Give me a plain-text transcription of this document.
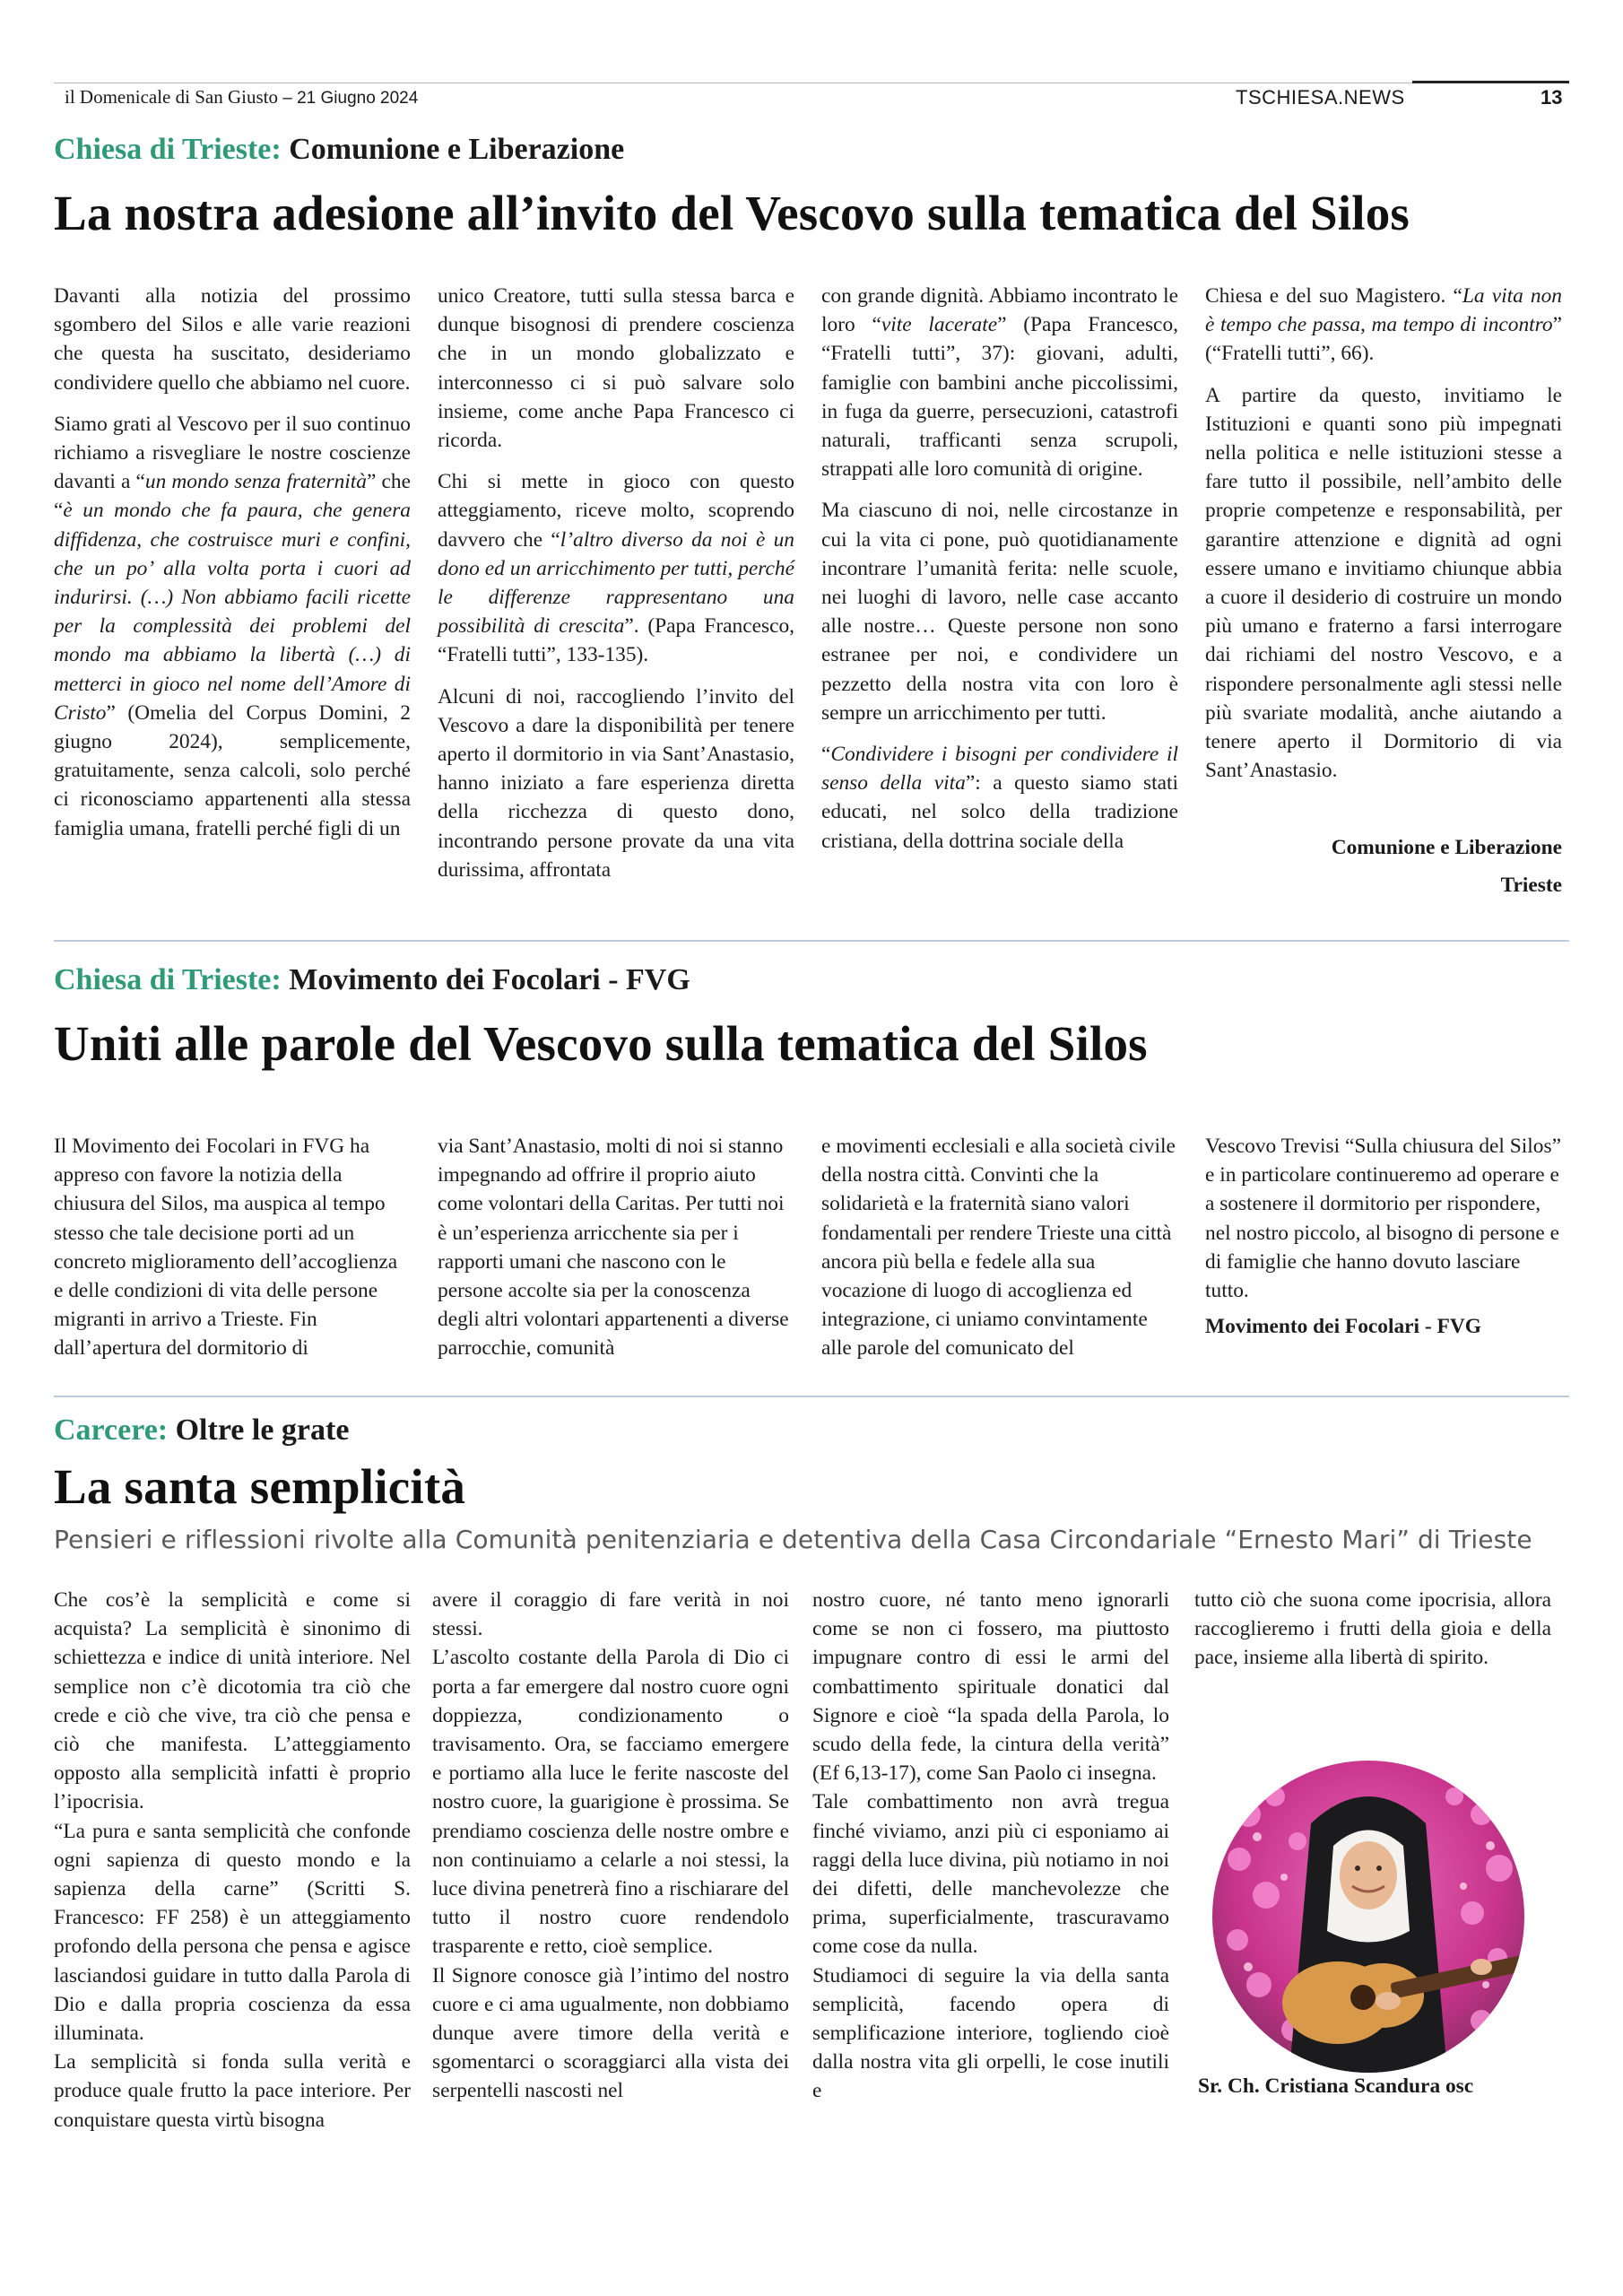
il Domenicale di San Giusto – 21 Giugno 2024	TSCHIESA.NEWS	13
Chiesa di Trieste: Comunione e Liberazione
La nostra adesione all’invito del Vescovo sulla tematica del Silos

Davanti alla notizia del prossimo sgombero del Silos e alle varie reazioni che questa ha suscitato, desideriamo condividere quello che abbiamo nel cuore.

Siamo grati al Vescovo per il suo continuo richiamo a risvegliare le nostre coscienze davanti a “un mondo senza fraternità” che “è un mondo che fa paura, che genera diffidenza, che costruisce muri e confini, che un po’ alla volta porta i cuori ad indurirsi. (…) Non abbiamo facili ricette per la complessità dei problemi del mondo ma abbiamo la libertà (…) di metterci in gioco nel nome dell’Amore di Cristo” (Omelia del Corpus Domini, 2 giugno 2024), semplicemente, gratuitamente, senza calcoli, solo perché ci riconosciamo appartenenti alla stessa famiglia umana, fratelli perché figli di un

unico Creatore, tutti sulla stessa barca e dunque bisognosi di prendere coscienza che in un mondo globalizzato e interconnesso ci si può salvare solo insieme, come anche Papa Francesco ci ricorda.

Chi si mette in gioco con questo atteggiamento, riceve molto, scoprendo davvero che “l’altro diverso da noi è un dono ed un arricchimento per tutti, perché le differenze rappresentano una possibilità di crescita”. (Papa Francesco, “Fratelli tutti”, 133-135).

Alcuni di noi, raccogliendo l’invito del Vescovo a dare la disponibilità per tenere aperto il dormitorio in via Sant’Anastasio, hanno iniziato a fare esperienza diretta della ricchezza di questo dono, incontrando persone provate da una vita durissima, affrontata

con grande dignità. Abbiamo incontrato le loro “vite lacerate” (Papa Francesco, “Fratelli tutti”, 37): giovani, adulti, famiglie con bambini anche piccolissimi, in fuga da guerre, persecuzioni, catastrofi naturali, trafficanti senza scrupoli, strappati alle loro comunità di origine.

Ma ciascuno di noi, nelle circostanze in cui la vita ci pone, può quotidianamente incontrare l’umanità ferita: nelle scuole, nei luoghi di lavoro, nelle case accanto alle nostre… Queste persone non sono estranee per noi, e condividere un pezzetto della nostra vita con loro è sempre un arricchimento per tutti.

“Condividere i bisogni per condividere il senso della vita”: a questo siamo stati educati, nel solco della tradizione cristiana, della dottrina sociale della

Chiesa e del suo Magistero. “La vita non è tempo che passa, ma tempo di incontro” (“Fratelli tutti”, 66).

A partire da questo, invitiamo le Istituzioni e quanti sono più impegnati nella politica e nelle istituzioni stesse a fare tutto il possibile, nell’ambito delle proprie competenze e responsabilità, per garantire attenzione e dignità ad ogni essere umano e invitiamo chiunque abbia a cuore il desiderio di costruire un mondo più umano e fraterno a farsi interrogare dai richiami del nostro Vescovo, e a rispondere personalmente agli stessi nelle più svariate modalità, anche aiutando a tenere aperto il Dormitorio di via Sant’Anastasio.

Comunione e Liberazione
Trieste
Chiesa di Trieste: Movimento dei Focolari - FVG
Uniti alle parole del Vescovo sulla tematica del Silos

Il Movimento dei Focolari in FVG ha appreso con favore la notizia della chiusura del Silos, ma auspica al tempo stesso che tale decisione porti ad un concreto miglioramento dell’accoglienza e delle condizioni di vita delle persone migranti in arrivo a Trieste. Fin dall’apertura del dormitorio di

via Sant’Anastasio, molti di noi si stanno impegnando ad offrire il proprio aiuto come volontari della Caritas. Per tutti noi è un’esperienza arricchente sia per i rapporti umani che nascono con le persone accolte sia per la conoscenza degli altri volontari appartenenti a diverse parrocchie, comunità

e movimenti ecclesiali e alla società civile della nostra città. Convinti che la solidarietà e la fraternità siano valori fondamentali per rendere Trieste una città ancora più bella e fedele alla sua vocazione di luogo di accoglienza ed integrazione, ci uniamo convintamente alle parole del comunicato del

Vescovo Trevisi “Sulla chiusura del Silos” e in particolare continueremo ad operare e a sostenere il dormitorio per rispondere, nel nostro piccolo, al bisogno di persone e di famiglie che hanno dovuto lasciare tutto.

Movimento dei Focolari - FVG

Carcere: Oltre le grate
La santa semplicità
Pensieri e riflessioni rivolte alla Comunità penitenziaria e detentiva della Casa Circondariale “Ernesto Mari” di Trieste

Che cos’è la semplicità e come si acquista? La semplicità è sinonimo di schiettezza e indice di unità interiore. Nel semplice non c’è dicotomia tra ciò che crede e ciò che vive, tra ciò che pensa e ciò che manifesta. L’atteggiamento opposto alla semplicità infatti è proprio l’ipocrisia.

“La pura e santa semplicità che confonde ogni sapienza di questo mondo e la sapienza della carne” (Scritti S. Francesco: FF 258) è un atteggiamento profondo della persona che pensa e agisce lasciandosi guidare in tutto dalla Parola di Dio e dalla propria coscienza da essa illuminata.

La semplicità si fonda sulla verità e produce quale frutto la pace interiore. Per conquistare questa virtù bisogna

avere il coraggio di fare verità in noi stessi.

L’ascolto costante della Parola di Dio ci porta a far emergere dal nostro cuore ogni doppiezza, condizionamento o travisamento. Ora, se facciamo emergere e portiamo alla luce le ferite nascoste del nostro cuore, la guarigione è prossima. Se prendiamo coscienza delle nostre ombre e non continuiamo a celarle a noi stessi, la luce divina penetrerà fino a rischiarare del tutto il nostro cuore rendendolo trasparente e retto, cioè semplice.

Il Signore conosce già l’intimo del nostro cuore e ci ama ugualmente, non dobbiamo dunque avere timore della verità e sgomentarci o scoraggiarci alla vista dei serpentelli nascosti nel

nostro cuore, né tanto meno ignorarli come se non ci fossero, ma piuttosto impugnare contro di essi le armi del combattimento spirituale donatici dal Signore e cioè “la spada della Parola, lo scudo della fede, la cintura della verità” (Ef 6,13-17), come San Paolo ci insegna.

Tale combattimento non avrà tregua finché viviamo, anzi più ci esponiamo ai raggi della luce divina, più notiamo in noi dei difetti, delle manchevolezze che prima, superficialmente, trascuravamo come cose da nulla.

Studiamoci di seguire la via della santa semplicità, facendo opera di semplificazione interiore, togliendo cioè dalla nostra vita gli orpelli, le cose inutili e

tutto ciò che suona come ipocrisia, allora raccoglieremo i frutti della gioia e della pace, insieme alla libertà di spirito.

Sr. Ch. Cristiana Scandura osc
